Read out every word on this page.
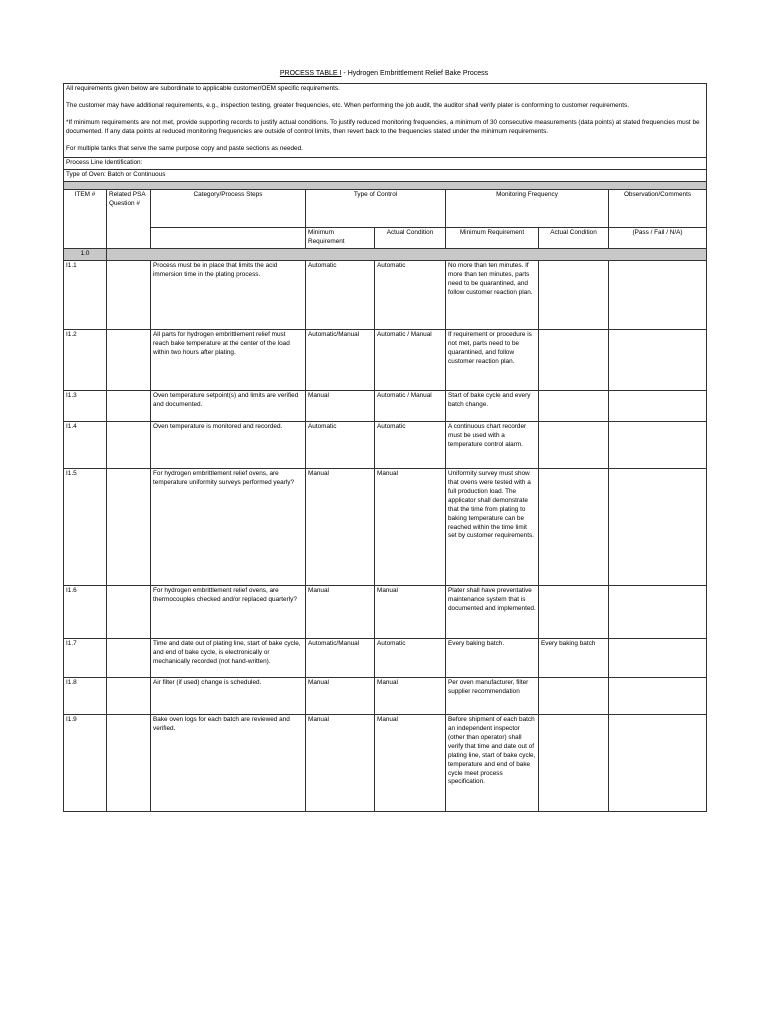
PROCESS TABLE I - Hydrogen Embrittlement Relief Bake Process

All requirements given below are subordinate to applicable customer/OEM specific requirements.

The customer may have additional requirements, e.g., inspection testing, greater frequencies, etc. When performing the job audit, the auditor shall verify plater is conforming to customer requirements.

*If minimum requirements are not met, provide supporting records to justify actual conditions. To justify reduced monitoring frequencies, a minimum of 30 consecutive measurements (data points) at stated frequencies must be documented. If any data points at reduced monitoring frequencies are outside of control limits, then revert back to the frequencies stated under the minimum requirements.

For multiple tanks that serve the same purpose copy and paste sections as needed.							

Process Line Identification:							
Type of Oven: Batch or Continuous							

ITEM #	Related PSA Question #	Category/Process Steps	Type of Control		Monitoring Frequency		Observation/Comments
			Minimum Requirement	Actual Condition	Minimum Requirement	Actual Condition	(Pass / Fail / N/A)
1.0							
I1.1		Process must be in place that limits the acid immersion time in the plating process.	Automatic	Automatic	No more than ten minutes. If more than ten minutes, parts need to be quarantined, and follow customer reaction plan.		
I1.2		All parts for hydrogen embrittlement relief must reach bake temperature at the center of the load within two hours after plating.	Automatic/Manual	Automatic / Manual	If requirement or procedure is not met, parts need to be quarantined, and follow customer reaction plan.		
I1.3		Oven temperature setpoint(s) and limits are verified and documented.	Manual	Automatic / Manual	Start of bake cycle and every batch change.		
I1.4		Oven temperature is monitored and recorded.	Automatic	Automatic	A continuous chart recorder must be used with a temperature control alarm.		
I1.5		For hydrogen embrittlement relief ovens, are temperature uniformity surveys performed yearly?	Manual	Manual	Uniformity survey must show that ovens were tested with a full production load. The applicator shall demonstrate that the time from plating to baking temperature can be reached within the time limit set by customer requirements.		
I1.6		For hydrogen embrittlement relief ovens, are thermocouples checked and/or replaced quarterly?	Manual	Manual	Plater shall have preventative maintenance system that is documented and implemented.		
I1.7		Time and date out of plating line, start of bake cycle, and end of bake cycle, is electronically or mechanically recorded (not hand-written).	Automatic/Manual	Automatic	Every baking batch.	Every baking batch	
I1.8		Air filter (if used) change is scheduled.	Manual	Manual	Per oven manufacturer, filter supplier recommendation		
I1.9		Bake oven logs for each batch are reviewed and verified.	Manual	Manual	Before shipment of each batch an independent inspector (other than operator) shall verify that time and date out of plating line, start of bake cycle, temperature and end of bake cycle meet process specification.		
